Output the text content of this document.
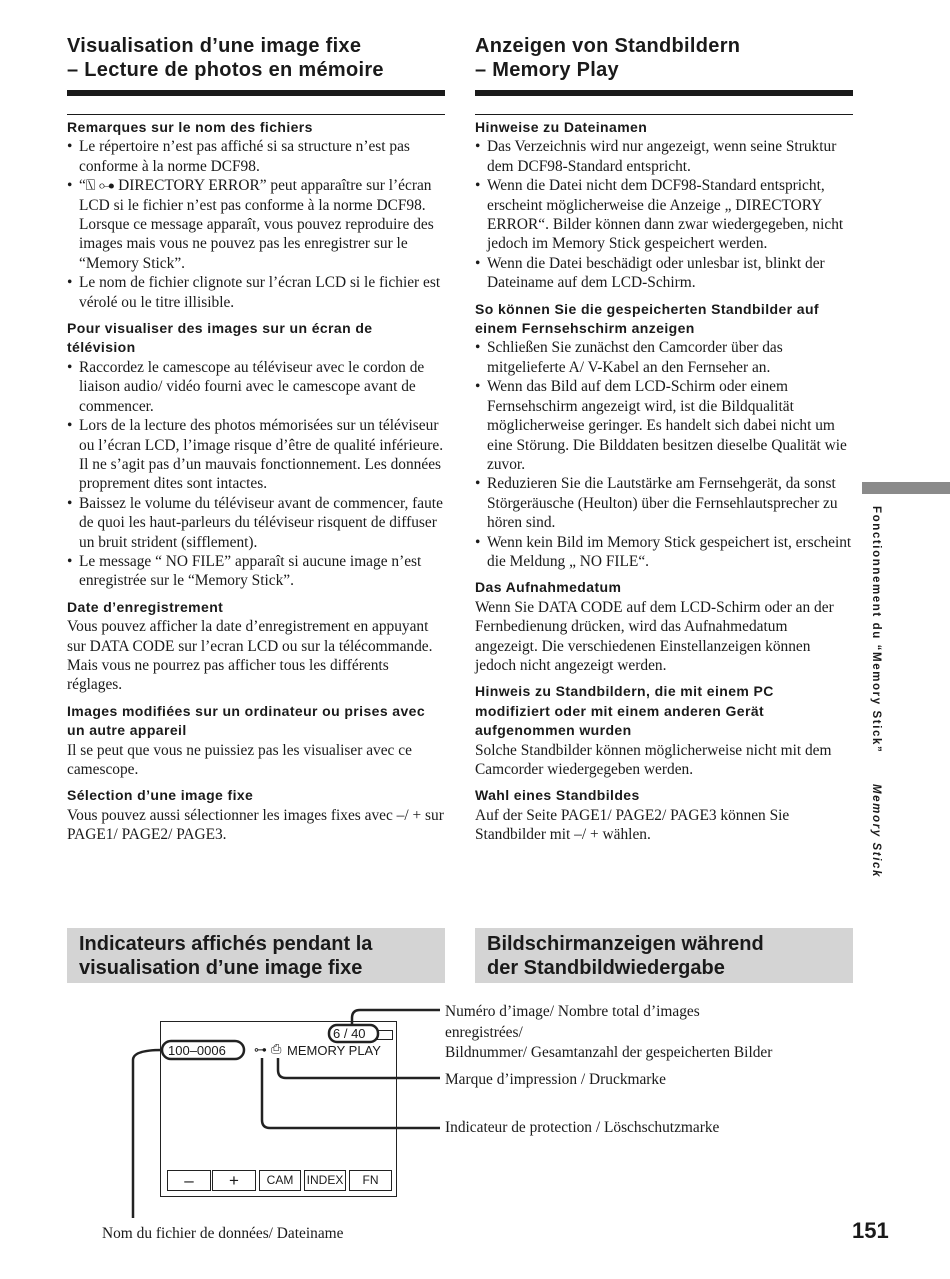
Visualisation d’une image fixe
– Lecture de photos en mémoire
Remarques sur le nom des fichiers
• Le répertoire n’est pas affiché si sa structure n’est pas conforme à la norme DCF98.
• “⍂ ⊶ DIRECTORY ERROR” peut apparaître sur l’écran LCD si le fichier n’est pas conforme à la norme DCF98. Lorsque ce message apparaît, vous pouvez reproduire des images mais vous ne pouvez pas les enregistrer sur le “Memory Stick”.
• Le nom de fichier clignote sur l’écran LCD si le fichier est vérolé ou le titre illisible.
Pour visualiser des images sur un écran de télévision
• Raccordez le camescope au téléviseur avec le cordon de liaison audio/ vidéo fourni avec le camescope avant de commencer.
• Lors de la lecture des photos mémorisées sur un téléviseur ou l’écran LCD, l’image risque d’être de qualité inférieure. Il ne s’agit pas d’un mauvais fonctionnement. Les données proprement dites sont intactes.
• Baissez le volume du téléviseur avant de commencer, faute de quoi les haut-parleurs du téléviseur risquent de diffuser un bruit strident (sifflement).
• Le message “ NO FILE” apparaît si aucune image n’est enregistrée sur le “Memory Stick”.
Date d’enregistrement

Vous pouvez afficher la date d’enregistrement en appuyant sur DATA CODE sur l’ecran LCD ou sur la télécommande. Mais vous ne pourrez pas afficher tous les différents réglages.

Images modifiées sur un ordinateur ou prises avec un autre appareil

Il se peut que vous ne puissiez pas les visualiser avec ce camescope.

Sélection d’une image fixe

Vous pouvez aussi sélectionner les images fixes avec –/ + sur PAGE1/ PAGE2/ PAGE3.

Indicateurs affichés pendant la
visualisation d’une image fixe
Anzeigen von Standbildern
– Memory Play
Hinweise zu Dateinamen
• Das Verzeichnis wird nur angezeigt, wenn seine Struktur dem DCF98-Standard entspricht.
• Wenn die Datei nicht dem DCF98-Standard entspricht, erscheint möglicherweise die Anzeige „ DIRECTORY ERROR“. Bilder können dann zwar wiedergegeben, nicht jedoch im Memory Stick gespeichert werden.
• Wenn die Datei beschädigt oder unlesbar ist, blinkt der Dateiname auf dem LCD-Schirm.
So können Sie die gespeicherten Standbilder auf einem Fernsehschirm anzeigen
• Schließen Sie zunächst den Camcorder über das mitgelieferte A/ V-Kabel an den Fernseher an.
• Wenn das Bild auf dem LCD-Schirm oder einem Fernsehschirm angezeigt wird, ist die Bildqualität möglicherweise geringer. Es handelt sich dabei nicht um eine Störung. Die Bilddaten besitzen dieselbe Qualität wie zuvor.
• Reduzieren Sie die Lautstärke am Fernsehgerät, da sonst Störgeräusche (Heulton) über die Fernsehlautsprecher zu hören sind.
• Wenn kein Bild im Memory Stick gespeichert ist, erscheint die Meldung „ NO FILE“.
Das Aufnahmedatum

Wenn Sie DATA CODE auf dem LCD-Schirm oder an der Fernbedienung drücken, wird das Aufnahmedatum angezeigt. Die verschiedenen Einstellanzeigen können jedoch nicht angezeigt werden.

Hinweis zu Standbildern, die mit einem PC modifiziert oder mit einem anderen Gerät aufgenommen wurden

Solche Standbilder können möglicherweise nicht mit dem Camcorder wiedergegeben werden.

Wahl eines Standbildes

Auf der Seite PAGE1/ PAGE2/ PAGE3 können Sie Standbilder mit –/ + wählen.

Bildschirmanzeigen während
der Standbildwiedergabe
Fonctionnement du “Memory Stick” Memory Stick
6 / 40
100–0006 ⊶ ⎙ MEMORY PLAY
–	+	CAM	INDEX	FN
Numéro d’image/ Nombre total d’images
enregistrées/
Bildnummer/ Gesamtanzahl der gespeicherten Bilder
Marque d’impression / Druckmarke
Indicateur de protection / Löschschutzmarke
Nom du fichier de données/ Dateiname	151
